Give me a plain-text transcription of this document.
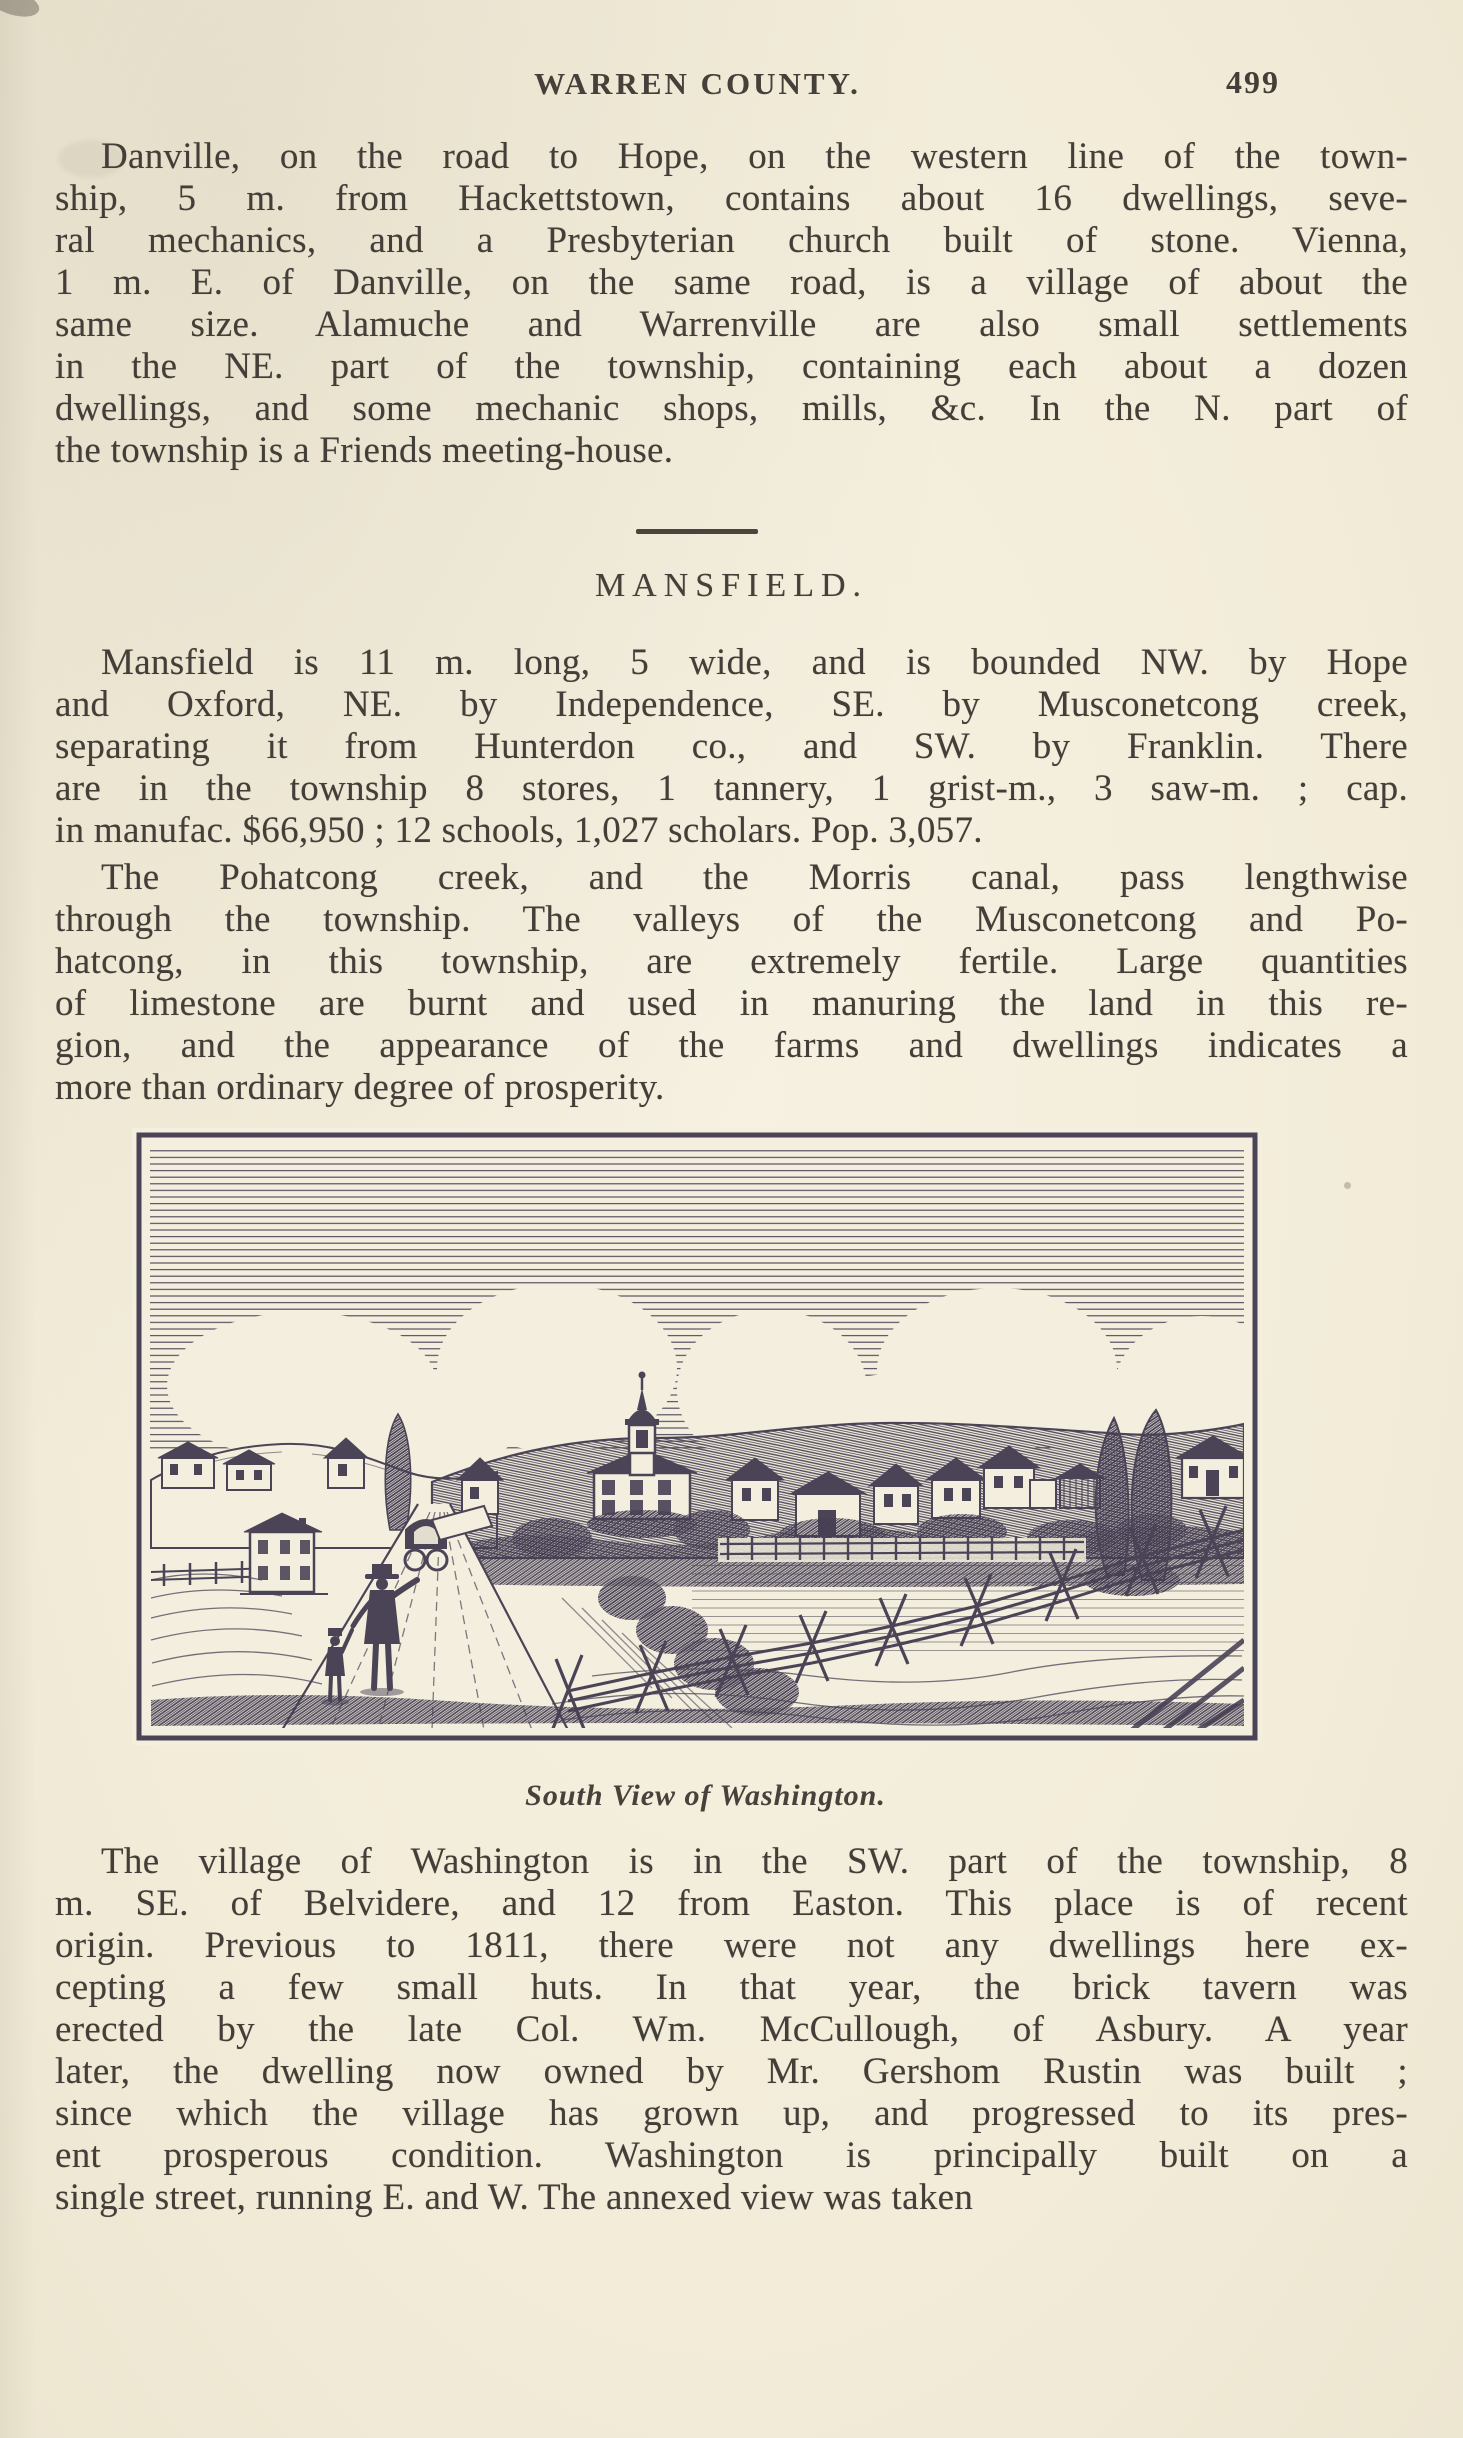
WARREN COUNTY.	499
Danville, on the road to Hope, on the western line of the town-
ship, 5 m. from Hackettstown, contains about 16 dwellings, seve-
ral mechanics, and a Presbyterian church built of stone. Vienna,
1 m. E. of Danville, on the same road, is a village of about the
same size. Alamuche and Warrenville are also small settlements
in the NE. part of the township, containing each about a dozen
dwellings, and some mechanic shops, mills, &c. In the N. part of
the township is a Friends meeting-house.
MANSFIELD.
Mansfield is 11 m. long, 5 wide, and is bounded NW. by Hope
and Oxford, NE. by Independence, SE. by Musconetcong creek,
separating it from Hunterdon co., and SW. by Franklin. There
are in the township 8 stores, 1 tannery, 1 grist-m., 3 saw-m. ; cap.
in manufac. $66,950 ; 12 schools, 1,027 scholars. Pop. 3,057.
The Pohatcong creek, and the Morris canal, pass lengthwise
through the township. The valleys of the Musconetcong and Po-
hatcong, in this township, are extremely fertile. Large quantities
of limestone are burnt and used in manuring the land in this re-
gion, and the appearance of the farms and dwellings indicates a
more than ordinary degree of prosperity.
South View of Washington.
The village of Washington is in the SW. part of the township, 8
m. SE. of Belvidere, and 12 from Easton. This place is of recent
origin. Previous to 1811, there were not any dwellings here ex-
cepting a few small huts. In that year, the brick tavern was
erected by the late Col. Wm. McCullough, of Asbury. A year
later, the dwelling now owned by Mr. Gershom Rustin was built ;
since which the village has grown up, and progressed to its pres-
ent prosperous condition. Washington is principally built on a
single street, running E. and W. The annexed view was taken
